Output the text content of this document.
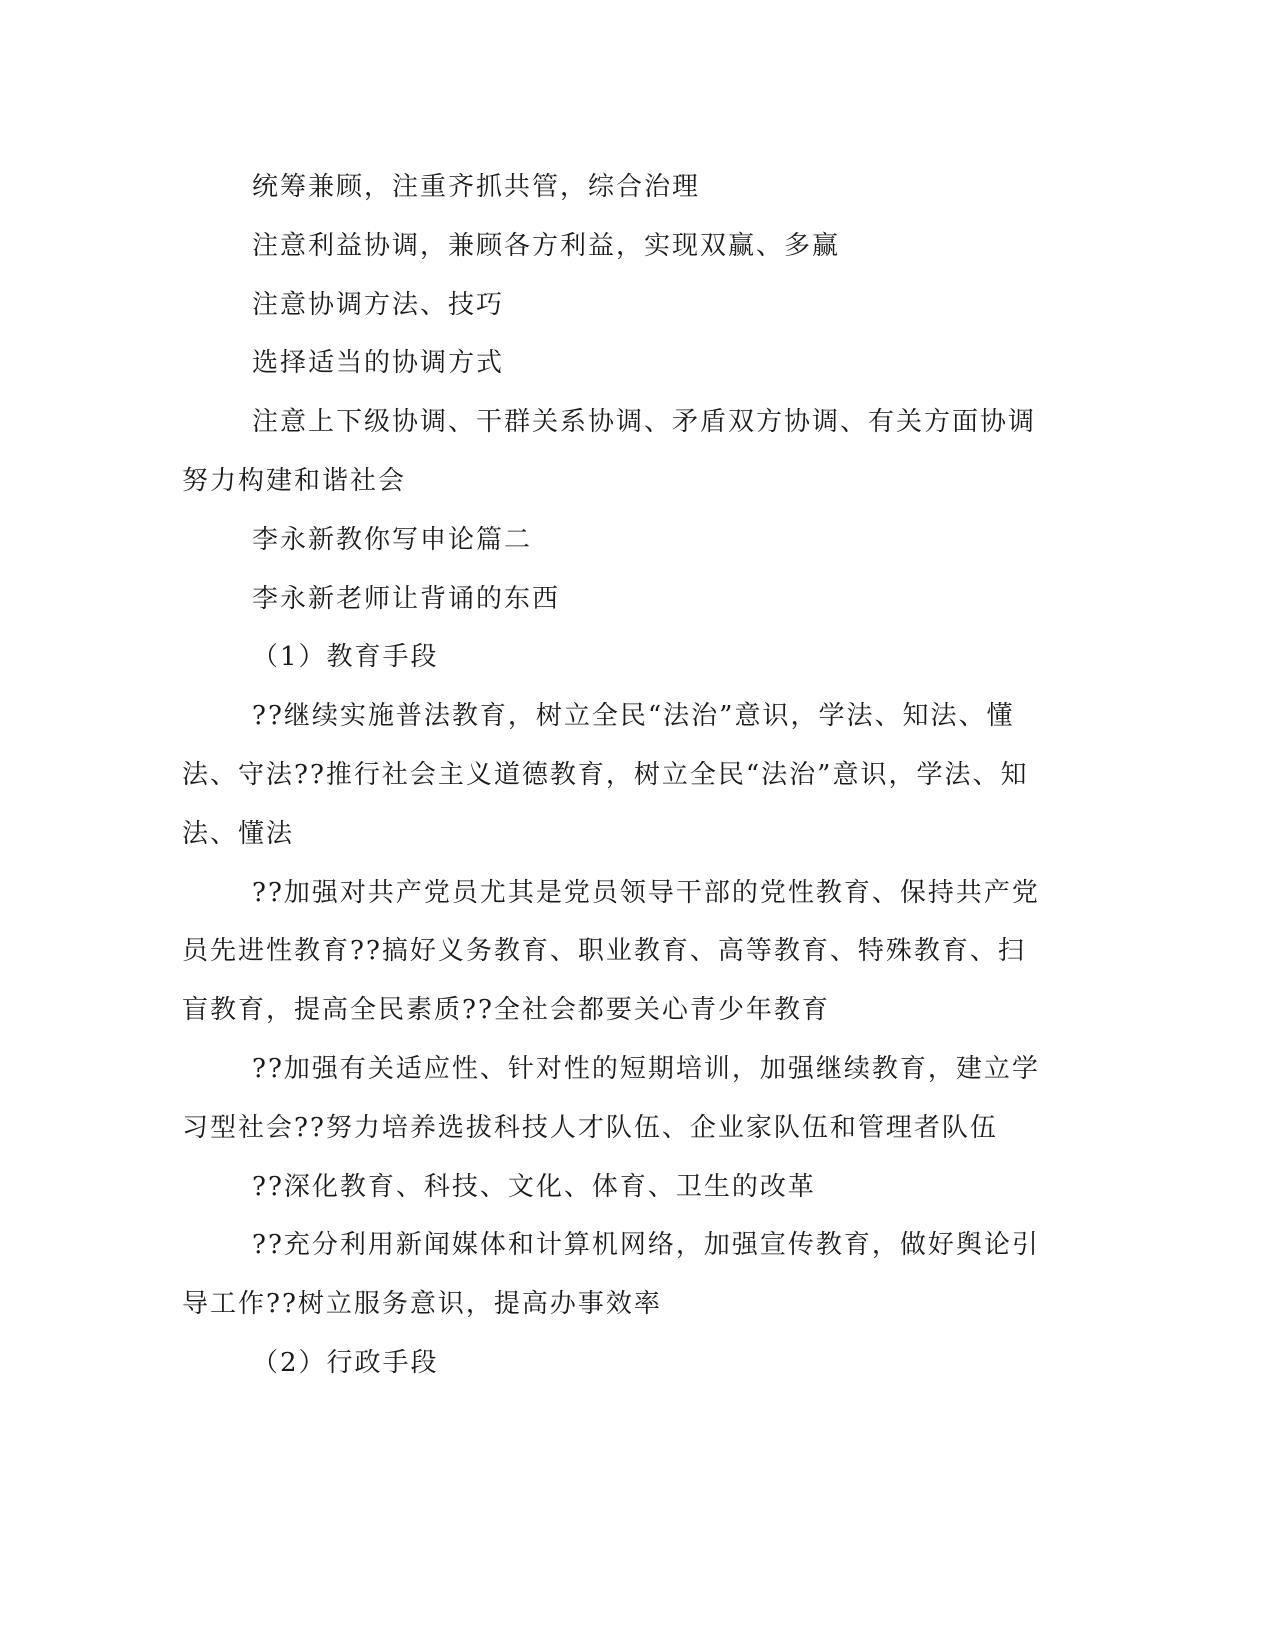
统筹兼顾，注重齐抓共管，综合治理

注意利益协调，兼顾各方利益，实现双赢、多赢

注意协调方法、技巧

选择适当的协调方式

注意上下级协调、干群关系协调、矛盾双方协调、有关方面协调努力构建和谐社会

李永新教你写申论篇二

李永新老师让背诵的东西

（1）教育手段

??继续实施普法教育，树立全民“法治”意识，学法、知法、懂法、守法??推行社会主义道德教育，树立全民“法治”意识，学法、知法、懂法

??加强对共产党员尤其是党员领导干部的党性教育、保持共产党员先进性教育??搞好义务教育、职业教育、高等教育、特殊教育、扫盲教育，提高全民素质??全社会都要关心青少年教育

??加强有关适应性、针对性的短期培训，加强继续教育，建立学习型社会??努力培养选拔科技人才队伍、企业家队伍和管理者队伍

??深化教育、科技、文化、体育、卫生的改革

??充分利用新闻媒体和计算机网络，加强宣传教育，做好舆论引导工作??树立服务意识，提高办事效率

（2）行政手段
